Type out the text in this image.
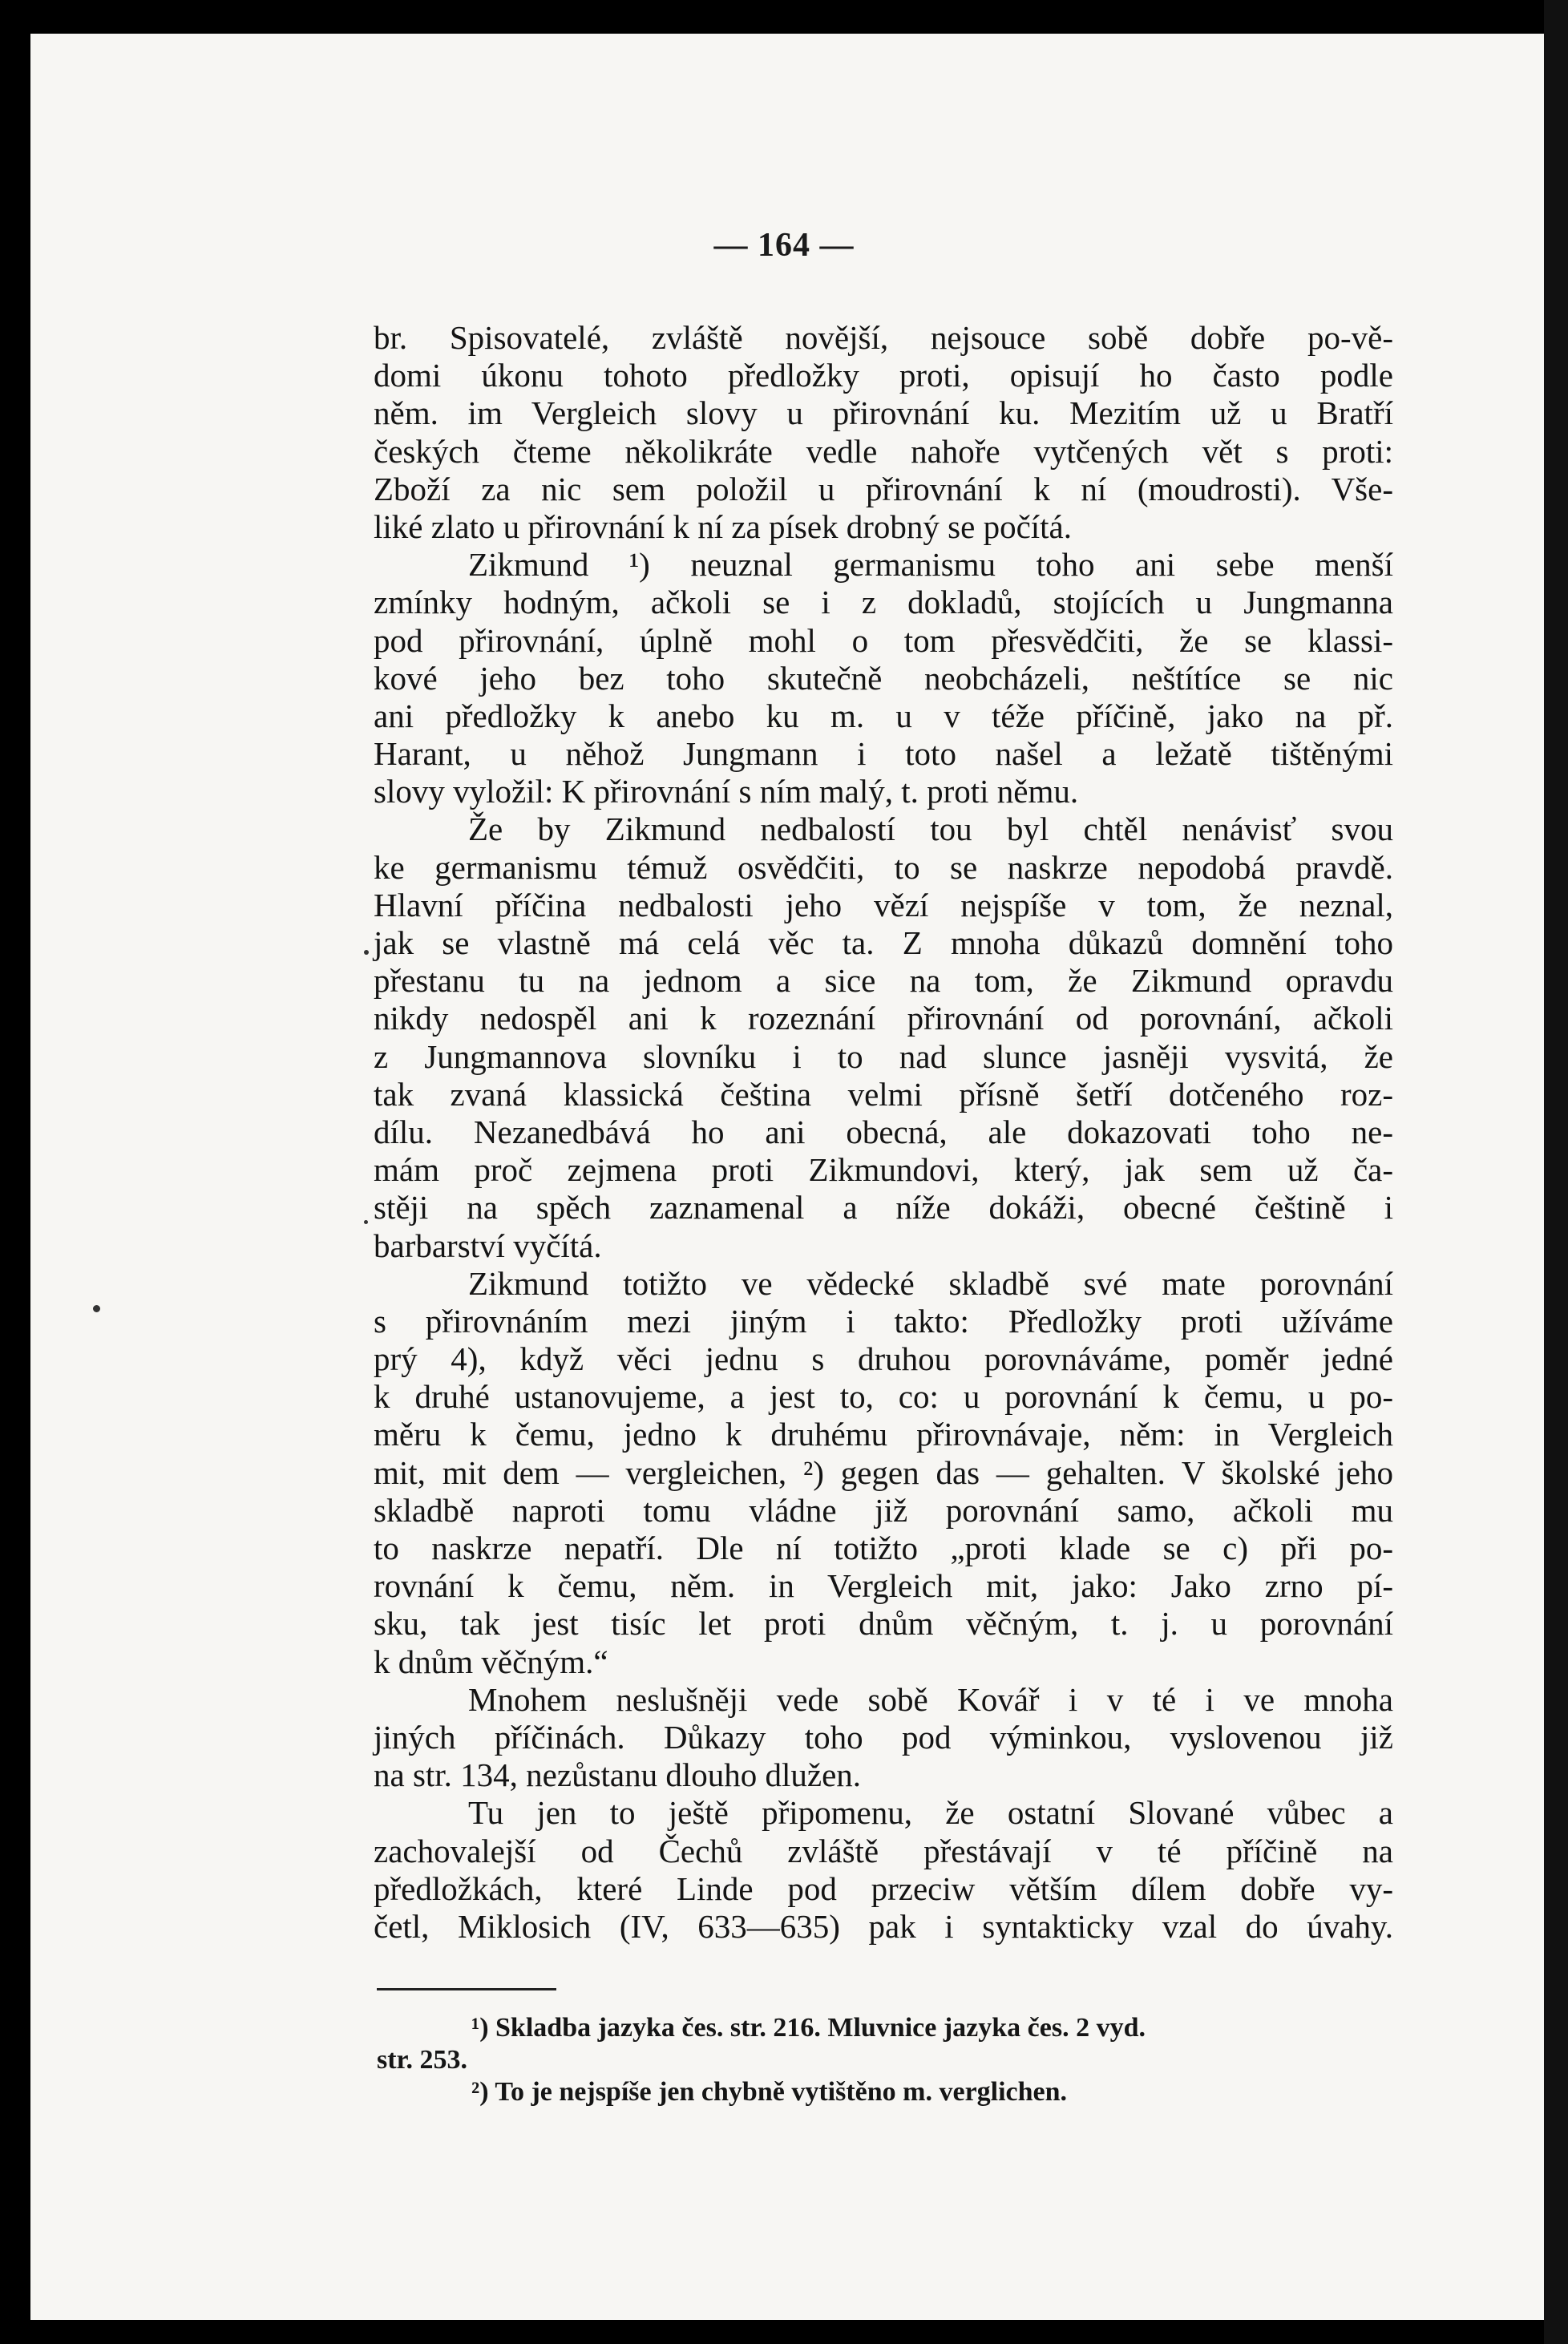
— 164 —
br. Spisovatelé, zvláště novější, nejsouce sobě dobře po-vě-
domi úkonu tohoto předložky proti, opisují ho často podle
něm. im Vergleich slovy u přirovnání ku. Mezitím už u Bratří
českých čteme několikráte vedle nahoře vytčených vět s proti:
Zboží za nic sem položil u přirovnání k ní (moudrosti). Vše-
liké zlato u přirovnání k ní za písek drobný se počítá.
Zikmund ¹) neuznal germanismu toho ani sebe menší
zmínky hodným, ačkoli se i z dokladů, stojících u Jungmanna
pod přirovnání, úplně mohl o tom přesvědčiti, že se klassi-
kové jeho bez toho skutečně neobcházeli, neštítíce se nic
ani předložky k anebo ku m. u v téže příčině, jako na př.
Harant, u něhož Jungmann i toto našel a ležatě tištěnými
slovy vyložil: K přirovnání s ním malý, t. proti němu.
Že by Zikmund nedbalostí tou byl chtěl nenávisť svou
ke germanismu témuž osvědčiti, to se naskrze nepodobá pravdě.
Hlavní příčina nedbalosti jeho vězí nejspíše v tom, že neznal,
jak se vlastně má celá věc ta. Z mnoha důkazů domnění toho
přestanu tu na jednom a sice na tom, že Zikmund opravdu
nikdy nedospěl ani k rozeznání přirovnání od porovnání, ačkoli
z Jungmannova slovníku i to nad slunce jasněji vysvitá, že
tak zvaná klassická čeština velmi přísně šetří dotčeného roz-
dílu. Nezanedbává ho ani obecná, ale dokazovati toho ne-
mám proč zejmena proti Zikmundovi, který, jak sem už ča-
stěji na spěch zaznamenal a níže dokáži, obecné češtině i
barbarství vyčítá.
Zikmund totižto ve vědecké skladbě své mate porovnání
s přirovnáním mezi jiným i takto: Předložky proti užíváme
prý 4), když věci jednu s druhou porovnáváme, poměr jedné
k druhé ustanovujeme, a jest to, co: u porovnání k čemu, u po-
měru k čemu, jedno k druhému přirovnávaje, něm: in Vergleich
mit, mit dem — vergleichen, ²) gegen das — gehalten. V školské jeho
skladbě naproti tomu vládne již porovnání samo, ačkoli mu
to naskrze nepatří. Dle ní totižto „proti klade se c) při po-
rovnání k čemu, něm. in Vergleich mit, jako: Jako zrno pí-
sku, tak jest tisíc let proti dnům věčným, t. j. u porovnání
k dnům věčným.“
Mnohem neslušněji vede sobě Kovář i v té i ve mnoha
jiných příčinách. Důkazy toho pod výminkou, vyslovenou již
na str. 134, nezůstanu dlouho dlužen.
Tu jen to ještě připomenu, že ostatní Slované vůbec a
zachovalejší od Čechů zvláště přestávají v té příčině na
předložkách, které Linde pod przeciw větším dílem dobře vy-
četl, Miklosich (IV, 633—635) pak i syntakticky vzal do úvahy.
¹) Skladba jazyka čes. str. 216. Mluvnice jazyka čes. 2 vyd.
str. 253.
²) To je nejspíše jen chybně vytištěno m. verglichen.
